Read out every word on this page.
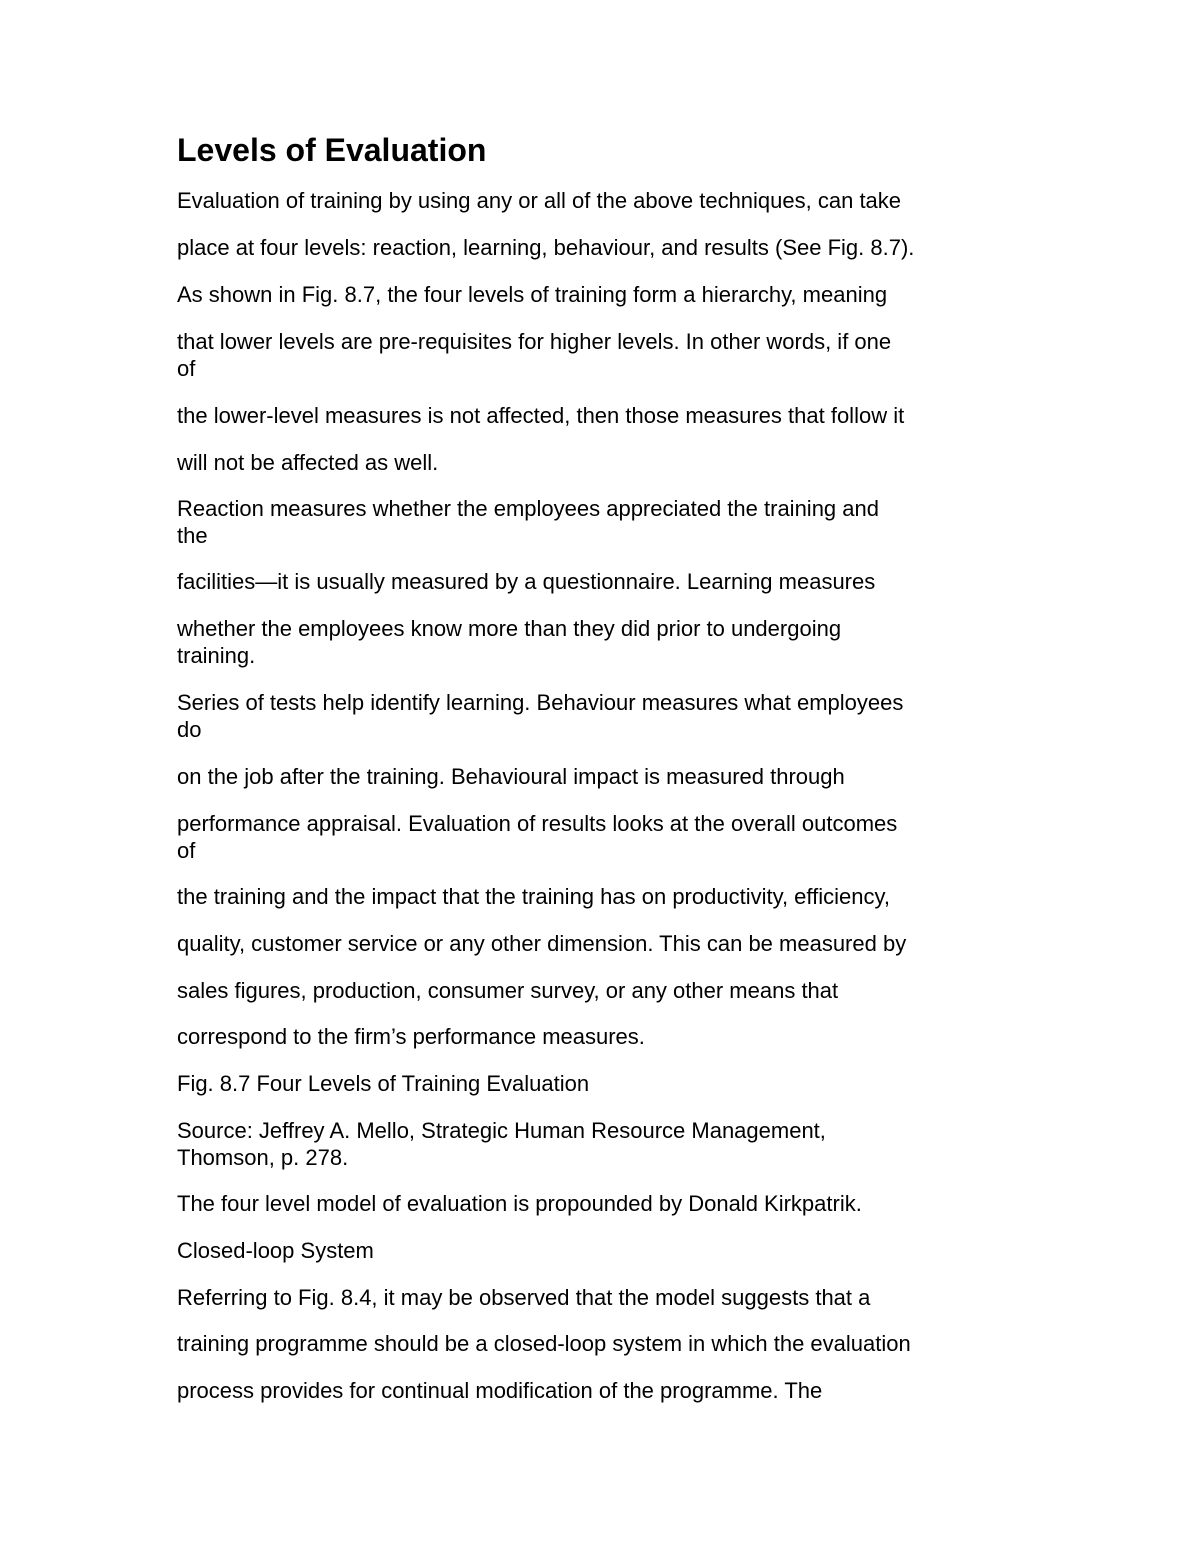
Levels of Evaluation

Evaluation of training by using any or all of the above techniques, can take

place at four levels: reaction, learning, behaviour, and results (See Fig. 8.7).

As shown in Fig. 8.7, the four levels of training form a hierarchy, meaning

that lower levels are pre-requisites for higher levels. In other words, if one
of

the lower-level measures is not affected, then those measures that follow it

will not be affected as well.

Reaction measures whether the employees appreciated the training and
the

facilities—it is usually measured by a questionnaire. Learning measures

whether the employees know more than they did prior to undergoing
training.

Series of tests help identify learning. Behaviour measures what employees
do

on the job after the training. Behavioural impact is measured through

performance appraisal. Evaluation of results looks at the overall outcomes
of

the training and the impact that the training has on productivity, efficiency,

quality, customer service or any other dimension. This can be measured by

sales figures, production, consumer survey, or any other means that

correspond to the firm’s performance measures.

Fig. 8.7 Four Levels of Training Evaluation

Source: Jeffrey A. Mello, Strategic Human Resource Management,
Thomson, p. 278.

The four level model of evaluation is propounded by Donald Kirkpatrik.

Closed-loop System

Referring to Fig. 8.4, it may be observed that the model suggests that a

training programme should be a closed-loop system in which the evaluation

process provides for continual modification of the programme. The
